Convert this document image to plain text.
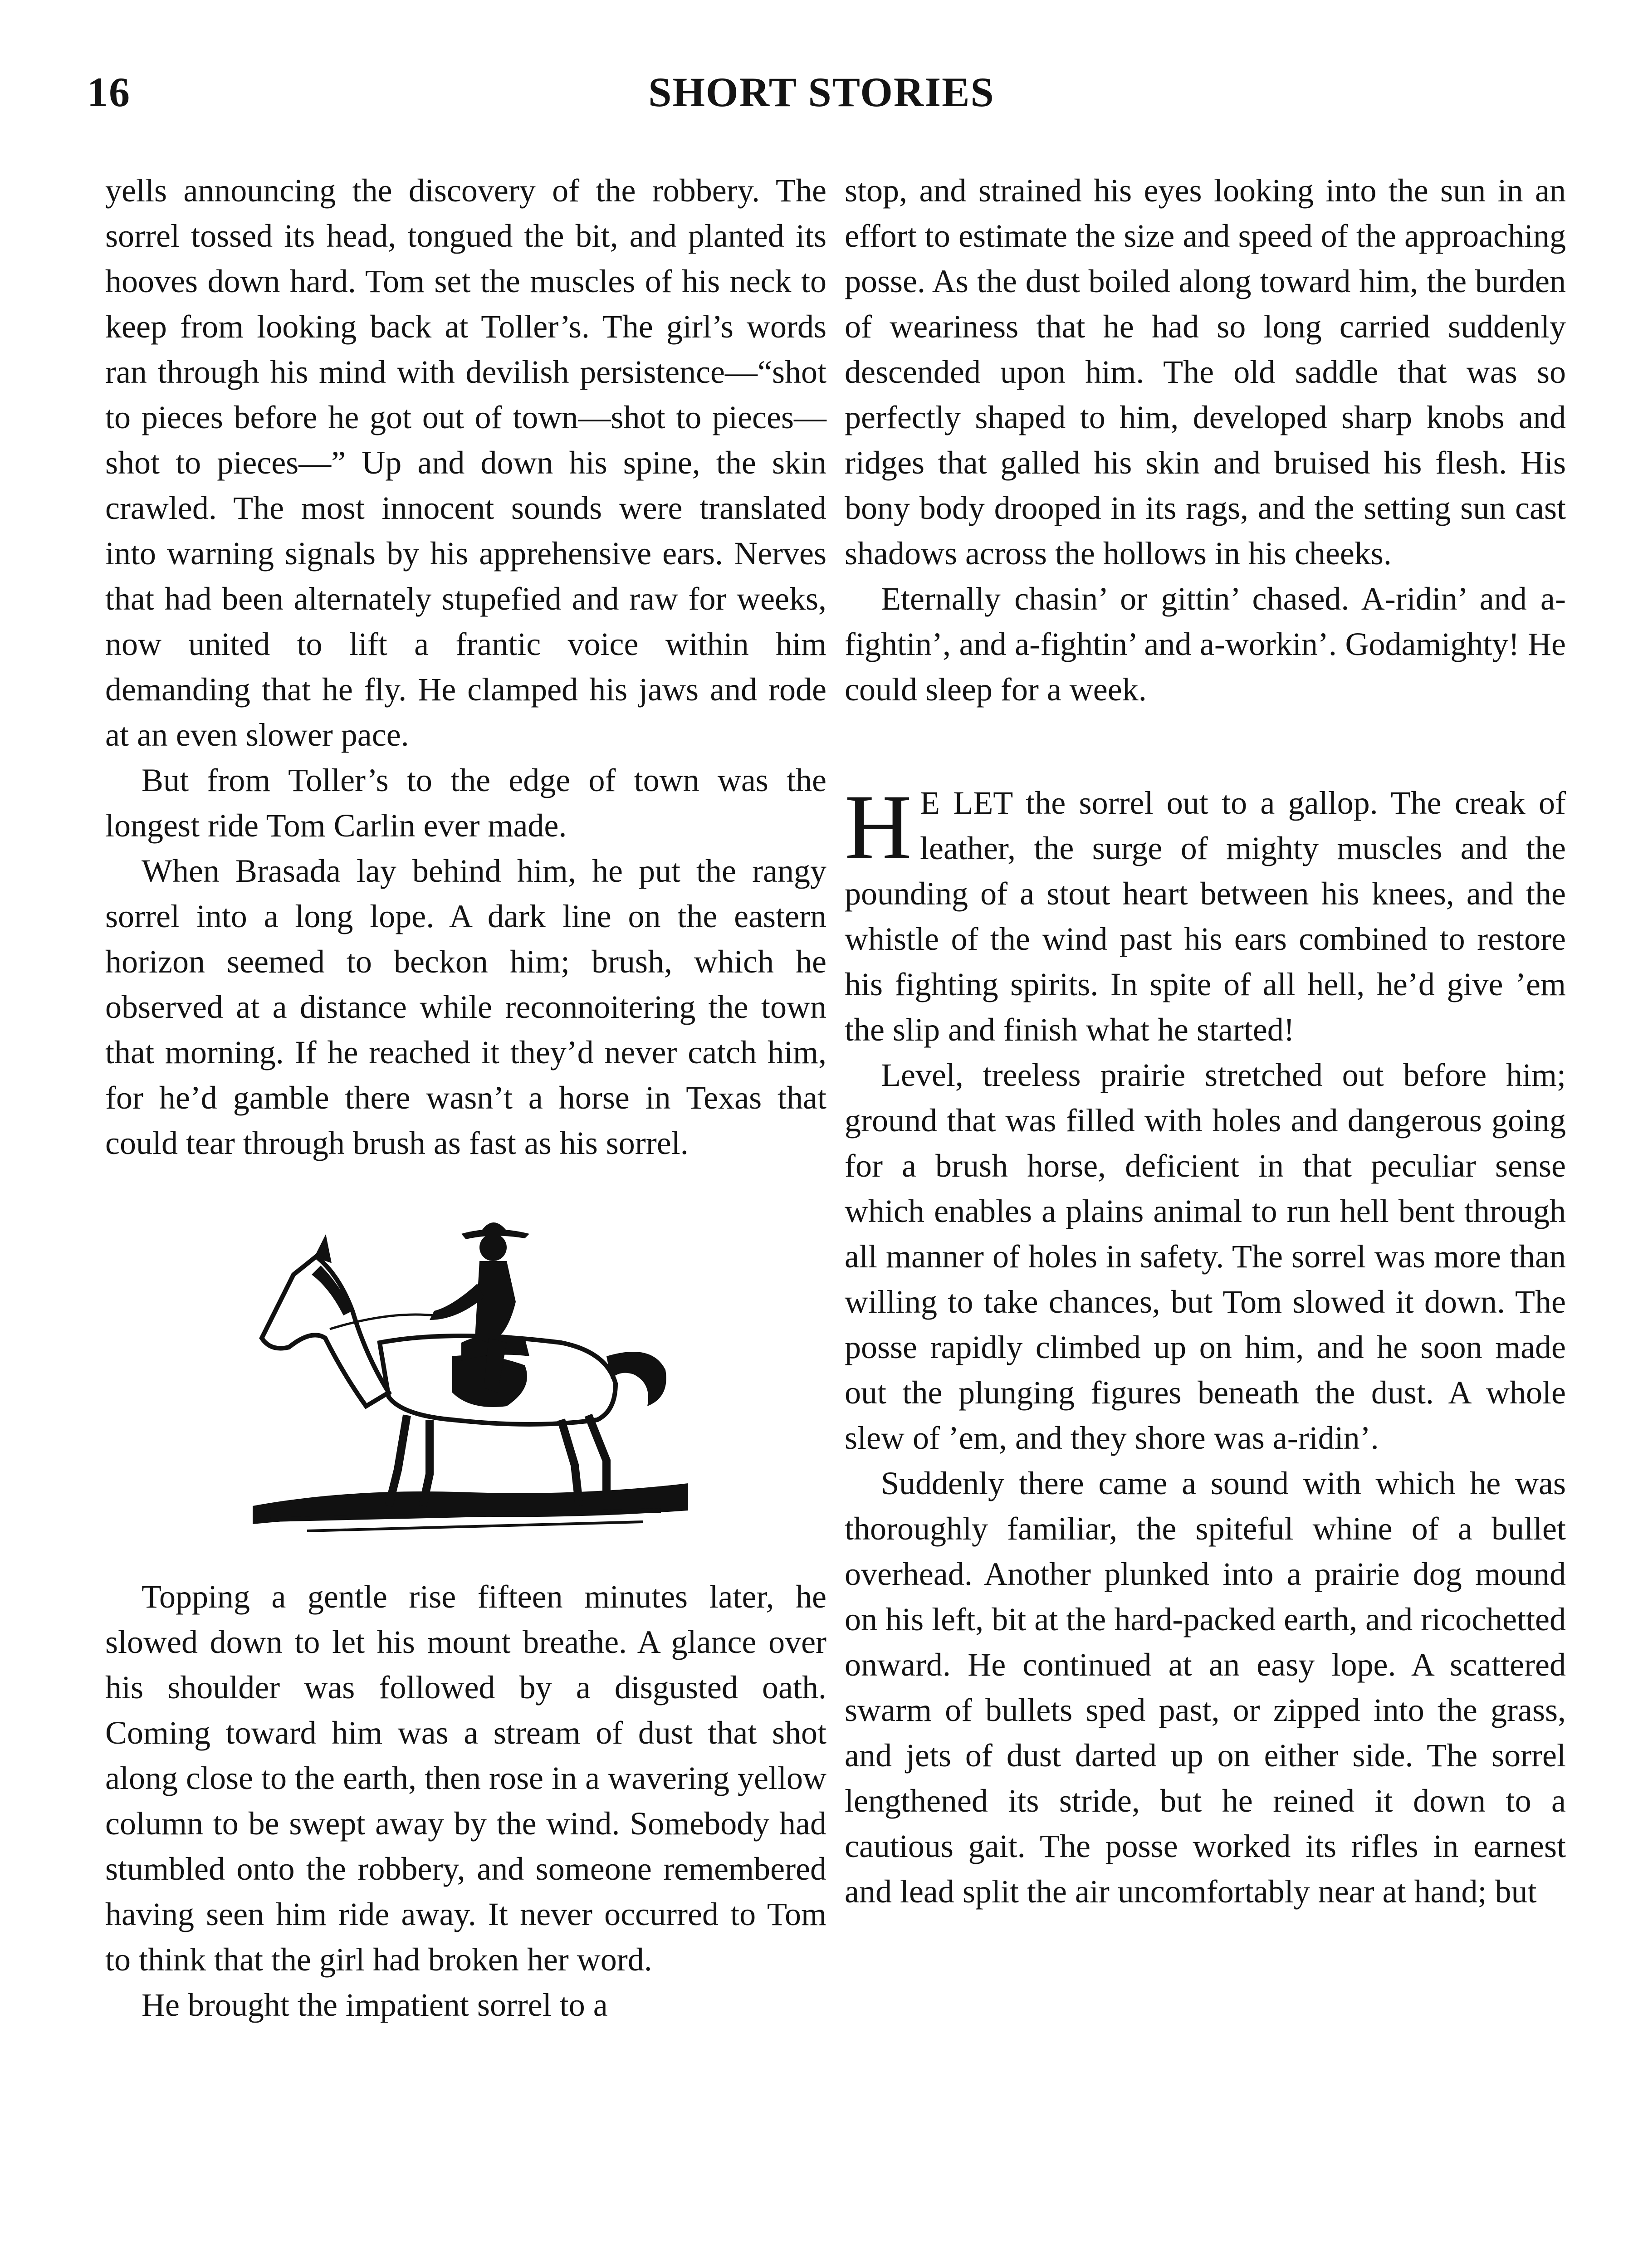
16	SHORT STORIES

yells announcing the discovery of the robbery. The sorrel tossed its head, tongued the bit, and planted its hooves down hard. Tom set the muscles of his neck to keep from looking back at Toller’s. The girl’s words ran through his mind with devilish persistence—“shot to pieces before he got out of town—shot to pieces—shot to pieces—” Up and down his spine, the skin crawled. The most innocent sounds were translated into warning signals by his apprehensive ears. Nerves that had been alternately stupefied and raw for weeks, now united to lift a frantic voice within him demanding that he fly. He clamped his jaws and rode at an even slower pace.

But from Toller’s to the edge of town was the longest ride Tom Carlin ever made.

When Brasada lay behind him, he put the rangy sorrel into a long lope. A dark line on the eastern horizon seemed to beckon him; brush, which he observed at a distance while reconnoitering the town that morning. If he reached it they’d never catch him, for he’d gamble there wasn’t a horse in Texas that could tear through brush as fast as his sorrel.

Topping a gentle rise fifteen minutes later, he slowed down to let his mount breathe. A glance over his shoulder was followed by a disgusted oath. Coming toward him was a stream of dust that shot along close to the earth, then rose in a wavering yellow column to be swept away by the wind. Somebody had stumbled onto the robbery, and someone remembered having seen him ride away. It never occurred to Tom to think that the girl had broken her word.

He brought the impatient sorrel to a

stop, and strained his eyes looking into the sun in an effort to estimate the size and speed of the approaching posse. As the dust boiled along toward him, the burden of weariness that he had so long carried suddenly descended upon him. The old saddle that was so perfectly shaped to him, developed sharp knobs and ridges that galled his skin and bruised his flesh. His bony body drooped in its rags, and the setting sun cast shadows across the hollows in his cheeks.

Eternally chasin’ or gittin’ chased. A-ridin’ and a-fightin’, and a-fightin’ and a-workin’. Godamighty! He could sleep for a week.

H E LET the sorrel out to a gallop. The creak of leather, the surge of mighty muscles and the pounding of a stout heart between his knees, and the whistle of the wind past his ears combined to restore his fighting spirits. In spite of all hell, he’d give ’em the slip and finish what he started!

Level, treeless prairie stretched out before him; ground that was filled with holes and dangerous going for a brush horse, deficient in that peculiar sense which enables a plains animal to run hell bent through all manner of holes in safety. The sorrel was more than willing to take chances, but Tom slowed it down. The posse rapidly climbed up on him, and he soon made out the plunging figures beneath the dust. A whole slew of ’em, and they shore was a-ridin’.

Suddenly there came a sound with which he was thoroughly familiar, the spiteful whine of a bullet overhead. Another plunked into a prairie dog mound on his left, bit at the hard-packed earth, and ricochetted onward. He continued at an easy lope. A scattered swarm of bullets sped past, or zipped into the grass, and jets of dust darted up on either side. The sorrel lengthened its stride, but he reined it down to a cautious gait. The posse worked its rifles in earnest and lead split the air uncomfortably near at hand; but
